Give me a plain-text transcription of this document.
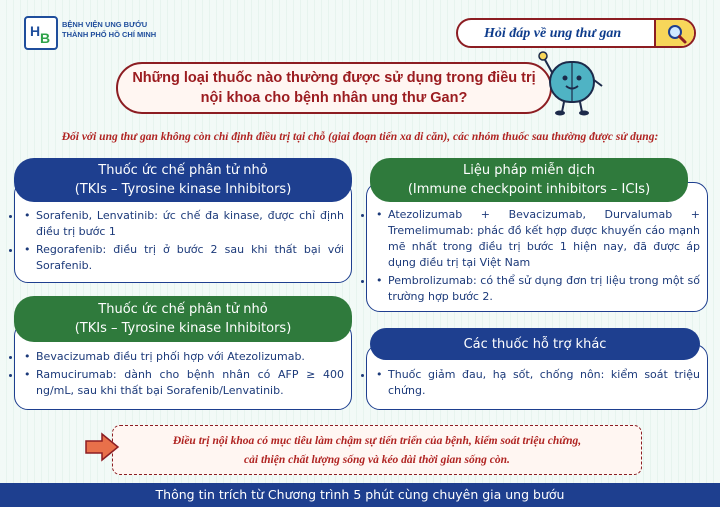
H B
BỆNH VIỆN UNG BƯỚU
THÀNH PHỐ HỒ CHÍ MINH	Hỏi đáp về ung thư gan
Những loại thuốc nào thường được sử dụng trong điều trị
nội khoa cho bệnh nhân ung thư Gan?
Đối với ung thư gan không còn chỉ định điều trị tại chỗ (giai đoạn tiến xa di căn), các nhóm thuốc sau thường được sử dụng:
Thuốc ức chế phân tử nhỏ
(TKIs – Tyrosine kinase Inhibitors)
• • Sorafenib, Lenvatinib: ức chế đa kinase, được chỉ định điều trị bước 1
• • Regorafenib: điều trị ở bước 2 sau khi thất bại với Sorafenib.
Thuốc ức chế phân tử nhỏ
(TKIs – Tyrosine kinase Inhibitors)
• • Bevacizumab điều trị phối hợp với Atezolizumab.
• • Ramucirumab: dành cho bệnh nhân có AFP ≥ 400 ng/mL, sau khi thất bại Sorafenib/Lenvatinib.
Liệu pháp miễn dịch
(Immune checkpoint inhibitors – ICIs)
• • Atezolizumab + Bevacizumab, Durvalumab + Tremelimumab: phác đồ kết hợp được khuyến cáo mạnh mẽ nhất trong điều trị bước 1 hiện nay, đã được áp dụng điều trị tại Việt Nam
• • Pembrolizumab: có thể sử dụng đơn trị liệu trong một số trường hợp bước 2.
Các thuốc hỗ trợ khác
• • Thuốc giảm đau, hạ sốt, chống nôn: kiểm soát triệu chứng.
Điều trị nội khoa có mục tiêu làm chậm sự tiến triển của bệnh, kiểm soát triệu chứng,
cải thiện chất lượng sống và kéo dài thời gian sống còn.
Thông tin trích từ Chương trình 5 phút cùng chuyên gia ung bướu
